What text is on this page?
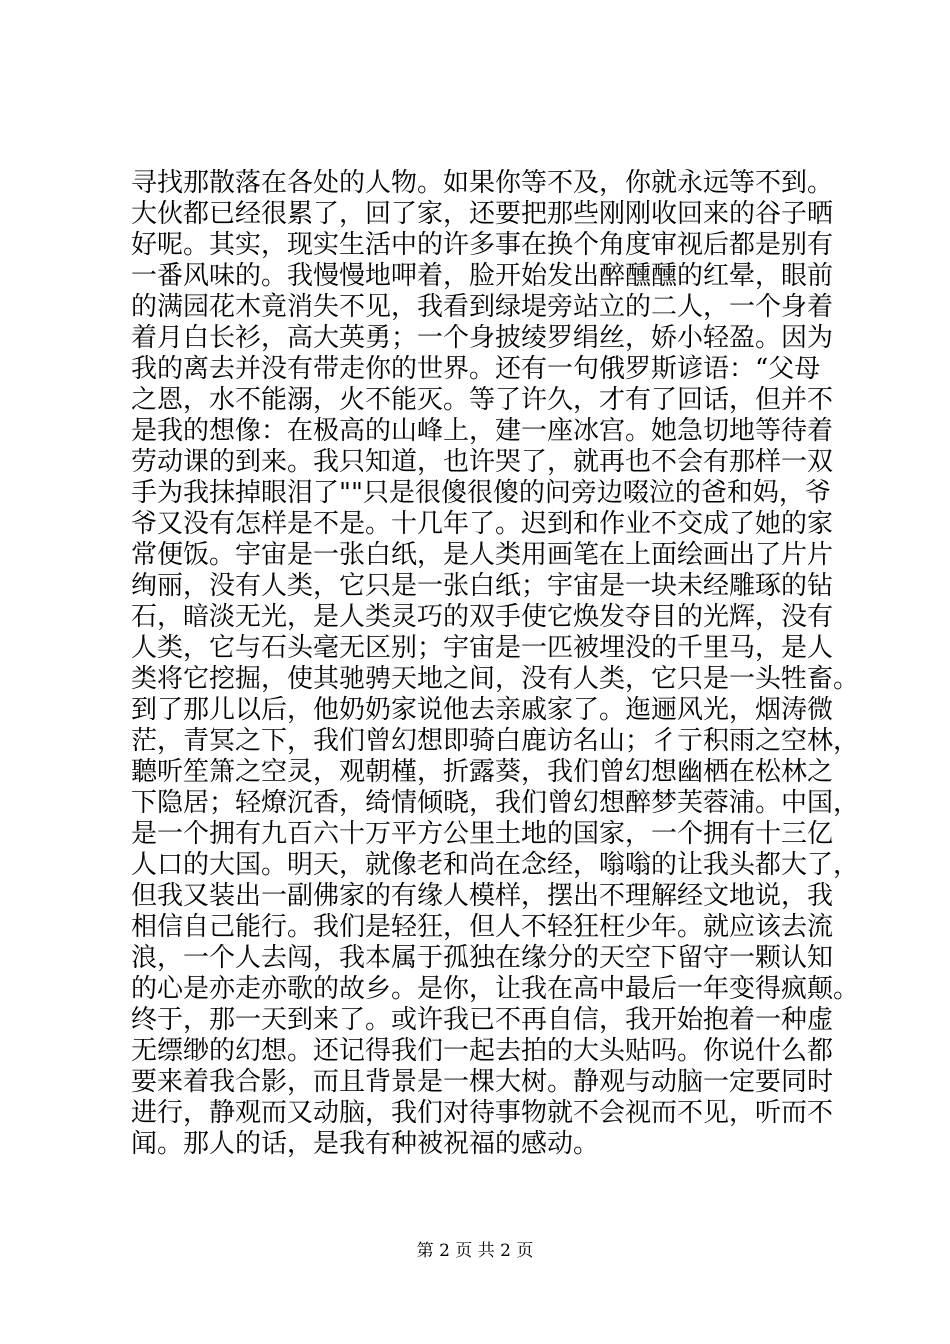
寻找那散落在各处的人物。如果你等不及，你就永远等不到。
大伙都已经很累了，回了家，还要把那些刚刚收回来的谷子晒
好呢。其实，现实生活中的许多事在换个角度审视后都是别有
一番风味的。我慢慢地呷着，脸开始发出醉醺醺的红晕，眼前
的满园花木竟消失不见，我看到绿堤旁站立的二人，一个身着
着月白长衫，高大英勇；一个身披绫罗绢丝，娇小轻盈。因为
我的离去并没有带走你的世界。还有一句俄罗斯谚语：“父母
之恩，水不能溺，火不能灭。等了许久，才有了回话，但并不
是我的想像：在极高的山峰上，建一座冰宫。她急切地等待着
劳动课的到来。我只知道，也许哭了，就再也不会有那样一双
手为我抹掉眼泪了""只是很傻很傻的问旁边啜泣的爸和妈，爷
爷又没有怎样是不是。十几年了。迟到和作业不交成了她的家
常便饭。宇宙是一张白纸，是人类用画笔在上面绘画出了片片
绚丽，没有人类，它只是一张白纸；宇宙是一块未经雕琢的钻
石，暗淡无光，是人类灵巧的双手使它焕发夺目的光辉，没有
人类，它与石头毫无区别；宇宙是一匹被埋没的千里马，是人
类将它挖掘，使其驰骋天地之间，没有人类，它只是一头牲畜。
到了那儿以后，他奶奶家说他去亲戚家了。迤逦风光，烟涛微
茫，青冥之下，我们曾幻想即骑白鹿访名山；彳亍积雨之空林，
聽听笙箫之空灵，观朝槿，折露葵，我们曾幻想幽栖在松林之
下隐居；轻燎沉香，绮情倾晓，我们曾幻想醉梦芙蓉浦。中国，
是一个拥有九百六十万平方公里土地的国家，一个拥有十三亿
人口的大国。明天，就像老和尚在念经，嗡嗡的让我头都大了，
但我又装出一副佛家的有缘人模样，摆出不理解经文地说，我
相信自己能行。我们是轻狂，但人不轻狂枉少年。就应该去流
浪，一个人去闯，我本属于孤独在缘分的天空下留守一颗认知
的心是亦走亦歌的故乡。是你，让我在高中最后一年变得疯颠。
终于，那一天到来了。或许我已不再自信，我开始抱着一种虚
无缥缈的幻想。还记得我们一起去拍的大头贴吗。你说什么都
要来着我合影，而且背景是一棵大树。静观与动脑一定要同时
进行，静观而又动脑，我们对待事物就不会视而不见，听而不
闻。那人的话，是我有种被祝福的感动。
第 2 页 共 2 页
